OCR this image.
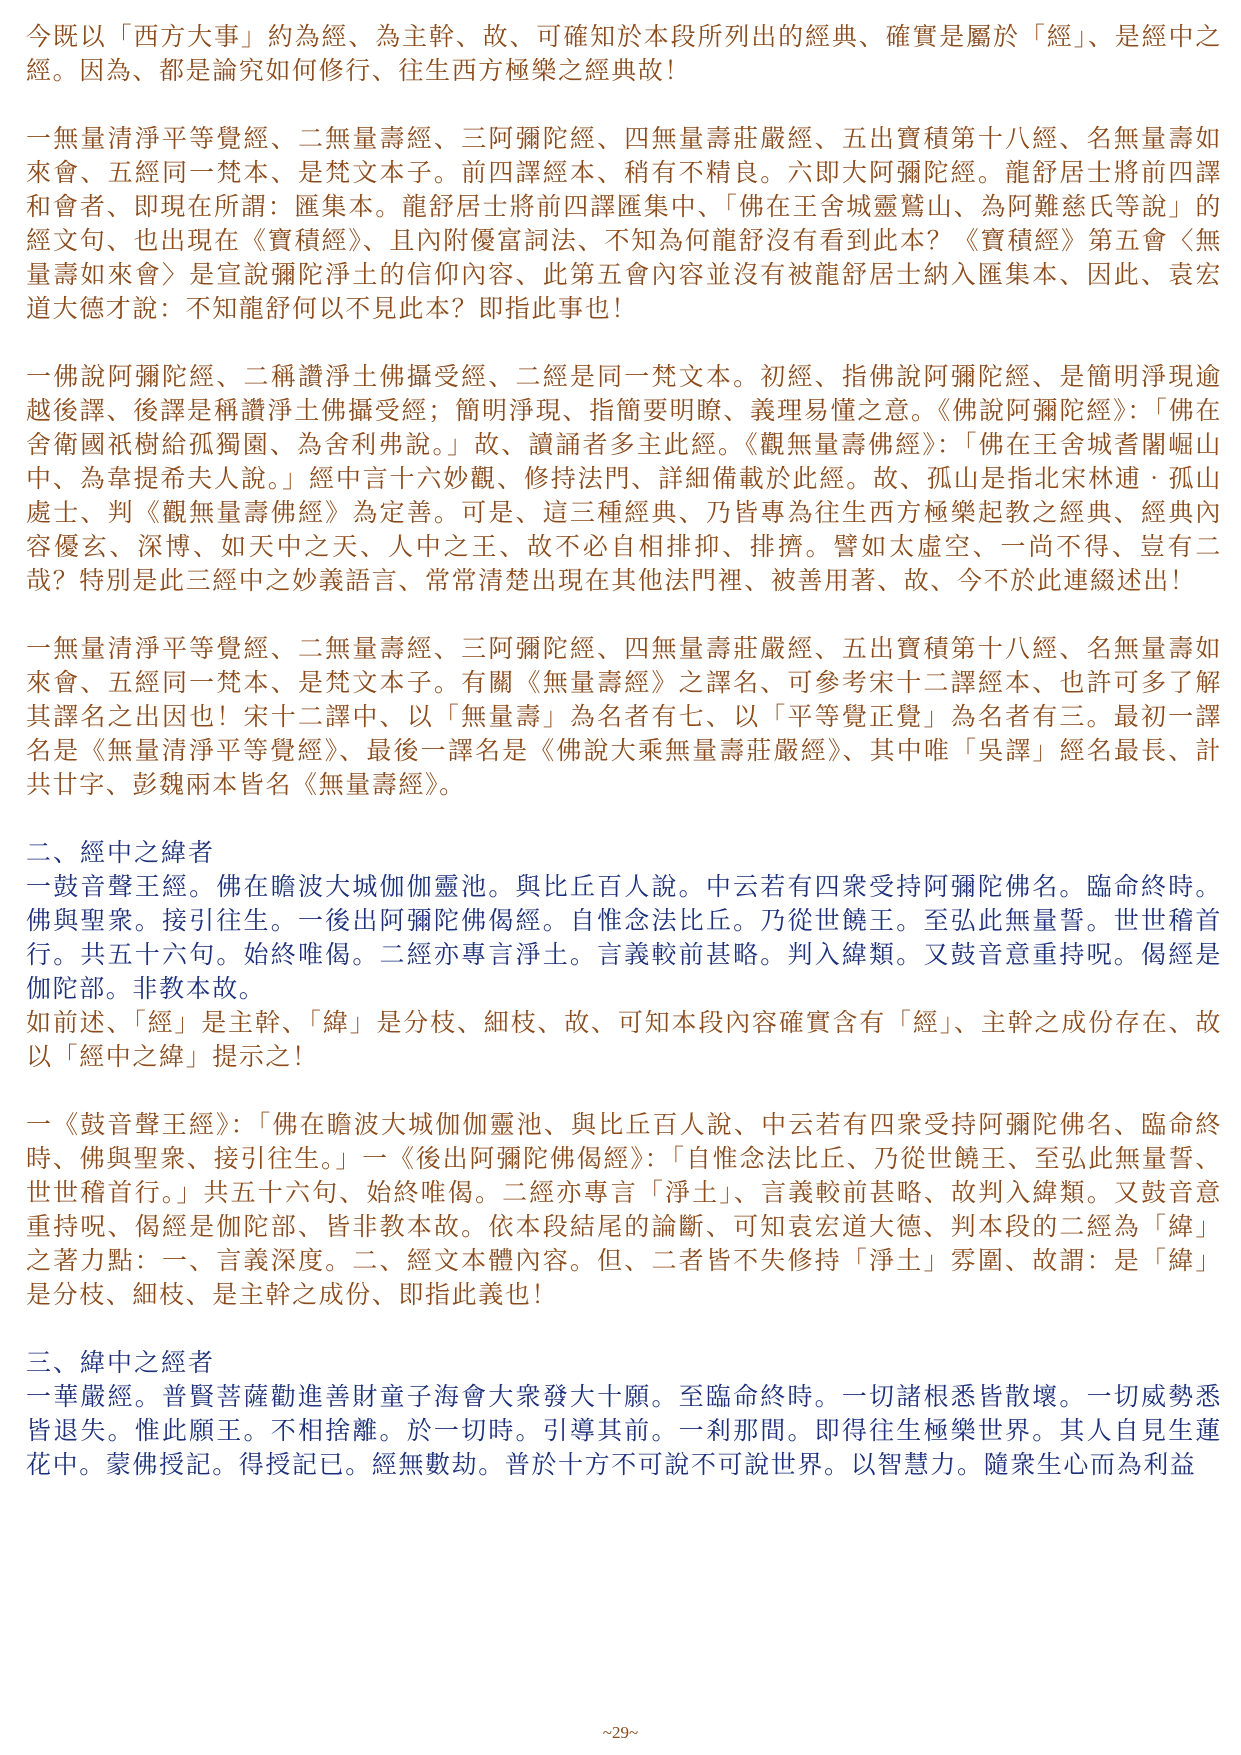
今既以「西方大事」約為經、為主幹、故、可確知於本段所列出的經典、確實是屬於「經」、是經中之經。因為、都是論究如何修行、往生西方極樂之經典故！

一無量清淨平等覺經、二無量壽經、三阿彌陀經、四無量壽莊嚴經、五出寶積第十八經、名無量壽如來會、五經同一梵本、是梵文本子。前四譯經本、稍有不精良。六即大阿彌陀經。龍舒居士將前四譯和會者、即現在所謂：匯集本。龍舒居士將前四譯匯集中、「佛在王舍城靈鷲山、為阿難慈氏等說」的經文句、也出現在《寶積經》、且內附優富詞法、不知為何龍舒沒有看到此本？《寶積經》第五會〈無量壽如來會〉是宣說彌陀淨土的信仰內容、此第五會內容並沒有被龍舒居士納入匯集本、因此、袁宏道大德才說：不知龍舒何以不見此本？即指此事也！

一佛說阿彌陀經、二稱讚淨土佛攝受經、二經是同一梵文本。初經、指佛說阿彌陀經、是簡明淨現逾越後譯、後譯是稱讚淨土佛攝受經；簡明淨現、指簡要明瞭、義理易懂之意。《佛說阿彌陀經》：「佛在舍衛國祇樹給孤獨園、為舍利弗說。」故、讀誦者多主此經。《觀無量壽佛經》：「佛在王舍城耆闍崛山中、為韋提希夫人說。」經中言十六妙觀、修持法門、詳細備載於此經。故、孤山是指北宋林逋‧孤山處士、判《觀無量壽佛經》為定善。可是、這三種經典、乃皆專為往生西方極樂起教之經典、經典內容優玄、深博、如天中之天、人中之王、故不必自相排抑、排擠。譬如太虛空、一尚不得、豈有二哉？特別是此三經中之妙義語言、常常清楚出現在其他法門裡、被善用著、故、今不於此連綴述出！

一無量清淨平等覺經、二無量壽經、三阿彌陀經、四無量壽莊嚴經、五出寶積第十八經、名無量壽如來會、五經同一梵本、是梵文本子。有關《無量壽經》之譯名、可參考宋十二譯經本、也許可多了解其譯名之出因也！宋十二譯中、以「無量壽」為名者有七、以「平等覺正覺」為名者有三。最初一譯名是《無量清淨平等覺經》、最後一譯名是《佛說大乘無量壽莊嚴經》、其中唯「吳譯」經名最長、計共廿字、彭魏兩本皆名《無量壽經》。

二、經中之緯者

一鼓音聲王經。佛在瞻波大城伽伽靈池。與比丘百人說。中云若有四衆受持阿彌陀佛名。臨命終時。佛與聖衆。接引往生。一後出阿彌陀佛偈經。自惟念法比丘。乃從世饒王。至弘此無量誓。世世稽首行。共五十六句。始終唯偈。二經亦專言淨土。言義較前甚略。判入緯類。又鼓音意重持呪。偈經是伽陀部。非教本故。

如前述、「經」是主幹、「緯」是分枝、細枝、故、可知本段內容確實含有「經」、主幹之成份存在、故以「經中之緯」提示之！

一《鼓音聲王經》：「佛在瞻波大城伽伽靈池、與比丘百人說、中云若有四衆受持阿彌陀佛名、臨命終時、佛與聖衆、接引往生。」一《後出阿彌陀佛偈經》：「自惟念法比丘、乃從世饒王、至弘此無量誓、世世稽首行。」共五十六句、始終唯偈。二經亦專言「淨土」、言義較前甚略、故判入緯類。又鼓音意重持呪、偈經是伽陀部、皆非教本故。依本段結尾的論斷、可知袁宏道大德、判本段的二經為「緯」之著力點：一、言義深度。二、經文本體內容。但、二者皆不失修持「淨土」雰圍、故謂：是「緯」是分枝、細枝、是主幹之成份、即指此義也！

三、緯中之經者

一華嚴經。普賢菩薩勸進善財童子海會大衆發大十願。至臨命終時。一切諸根悉皆散壞。一切威勢悉皆退失。惟此願王。不相捨離。於一切時。引導其前。一剎那間。即得往生極樂世界。其人自見生蓮花中。蒙佛授記。得授記已。經無數劫。普於十方不可說不可說世界。以智慧力。隨衆生心而為利益

~29~
